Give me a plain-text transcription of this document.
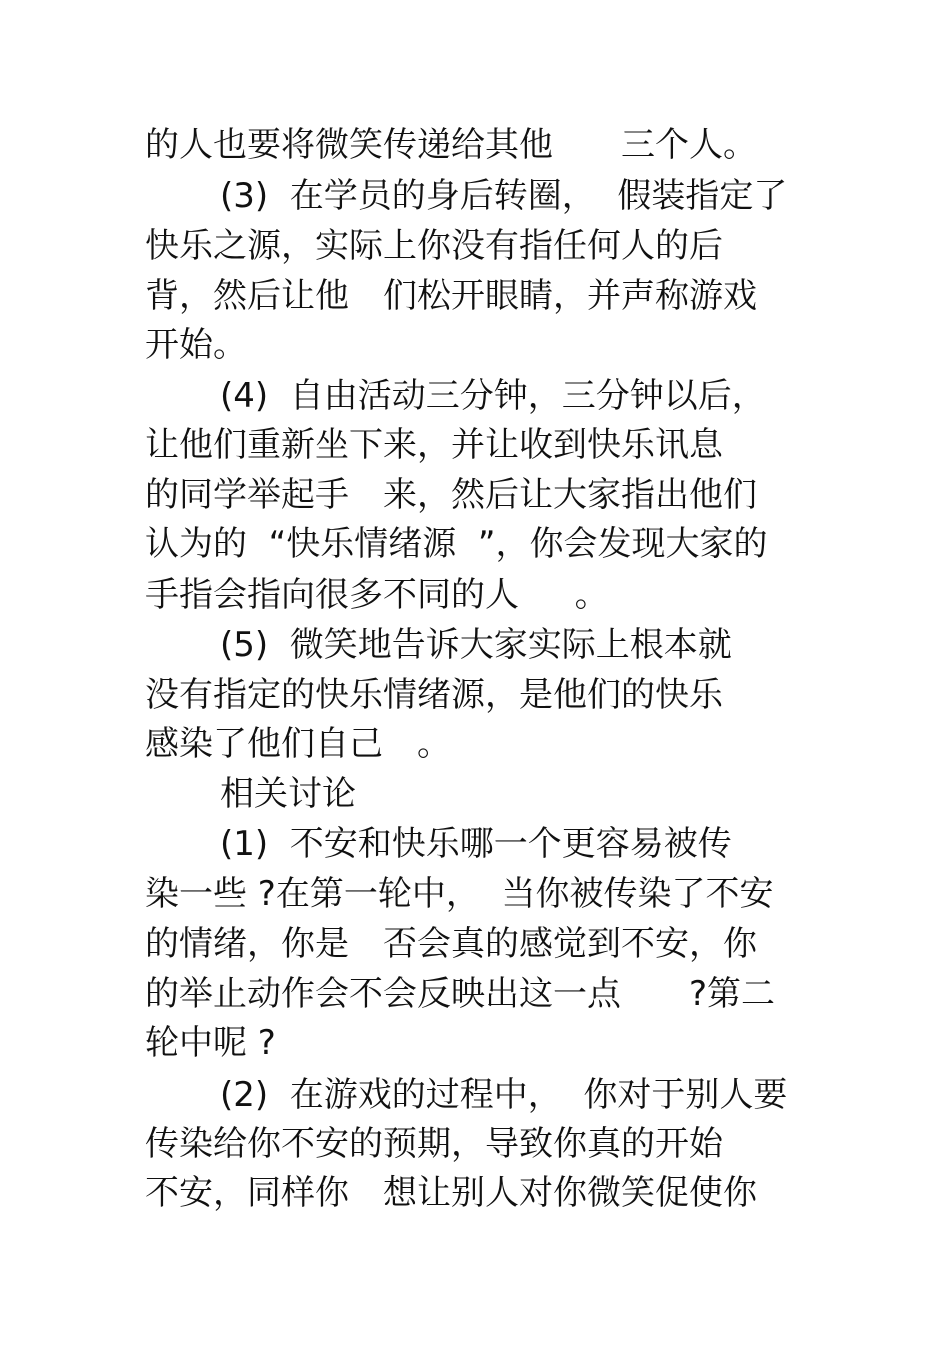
的人也要将微笑传递给其他　　三个人。
(3)  在学员的身后转圈，  假装指定了
快乐之源，实际上你没有指任何人的后
背，然后让他　们松开眼睛，并声称游戏
开始。
(4)  自由活动三分钟，三分钟以后，
让他们重新坐下来，并让收到快乐讯息
的同学举起手　来，然后让大家指出他们
认为的  “快乐情绪源  ”，你会发现大家的
手指会指向很多不同的人　  。
(5)  微笑地告诉大家实际上根本就
没有指定的快乐情绪源，是他们的快乐
感染了他们自己　。
相关讨论
(1)  不安和快乐哪一个更容易被传
染一些 ?在第一轮中，  当你被传染了不安
的情绪，你是　否会真的感觉到不安，你
的举止动作会不会反映出这一点　　?第二
轮中呢 ?
(2)  在游戏的过程中，  你对于别人要
传染给你不安的预期，导致你真的开始
不安，同样你　想让别人对你微笑促使你
